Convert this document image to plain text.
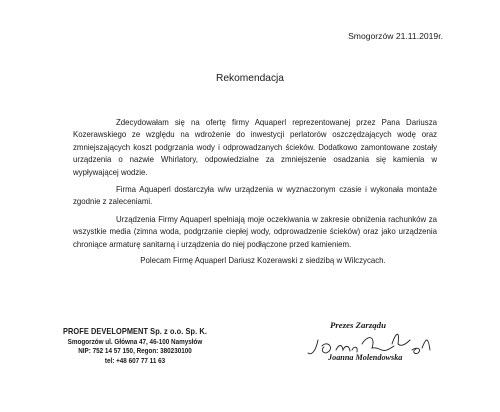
Smogorzów 21.11.2019r.
Rekomendacja

Zdecydowałam się na ofertę firmy Aquaperl reprezentowanej przez Pana Dariusza Kozerawskiego ze względu na wdrożenie do inwestycji perlatorów oszczędzających wodę oraz zmniejszających koszt podgrzania wody i odprowadzanych ścieków. Dodatkowo zamontowane zostały urządzenia o nazwie Whirlatory, odpowiedzialne za zmniejszenie osadzania się kamienia w wypływającej wodzie.

Firma Aquaperl dostarczyła w/w urządzenia w wyznaczonym czasie i wykonała montaże zgodnie z zaleceniami.

Urządzenia Firmy Aquaperl spełniają moje oczekiwania w zakresie obniżenia rachunków za wszystkie media (zimna woda, podgrzanie ciepłej wody, odprowadzenie ścieków) oraz jako urządzenia chroniące armaturę sanitarną i urządzenia do niej podłączone przed kamieniem.

Polecam Firmę Aquaperl Dariusz Kozerawski z siedzibą w Wilczycach.
PROFE DEVELOPMENT Sp. z o.o. Sp. K.
Smogorzów ul. Główna 47, 46-100 Namysłów
NIP: 752 14 57 150, Regon: 380230100
tel: +48 607 77 11 63
Prezes Zarządu
Joanna Molendowska
